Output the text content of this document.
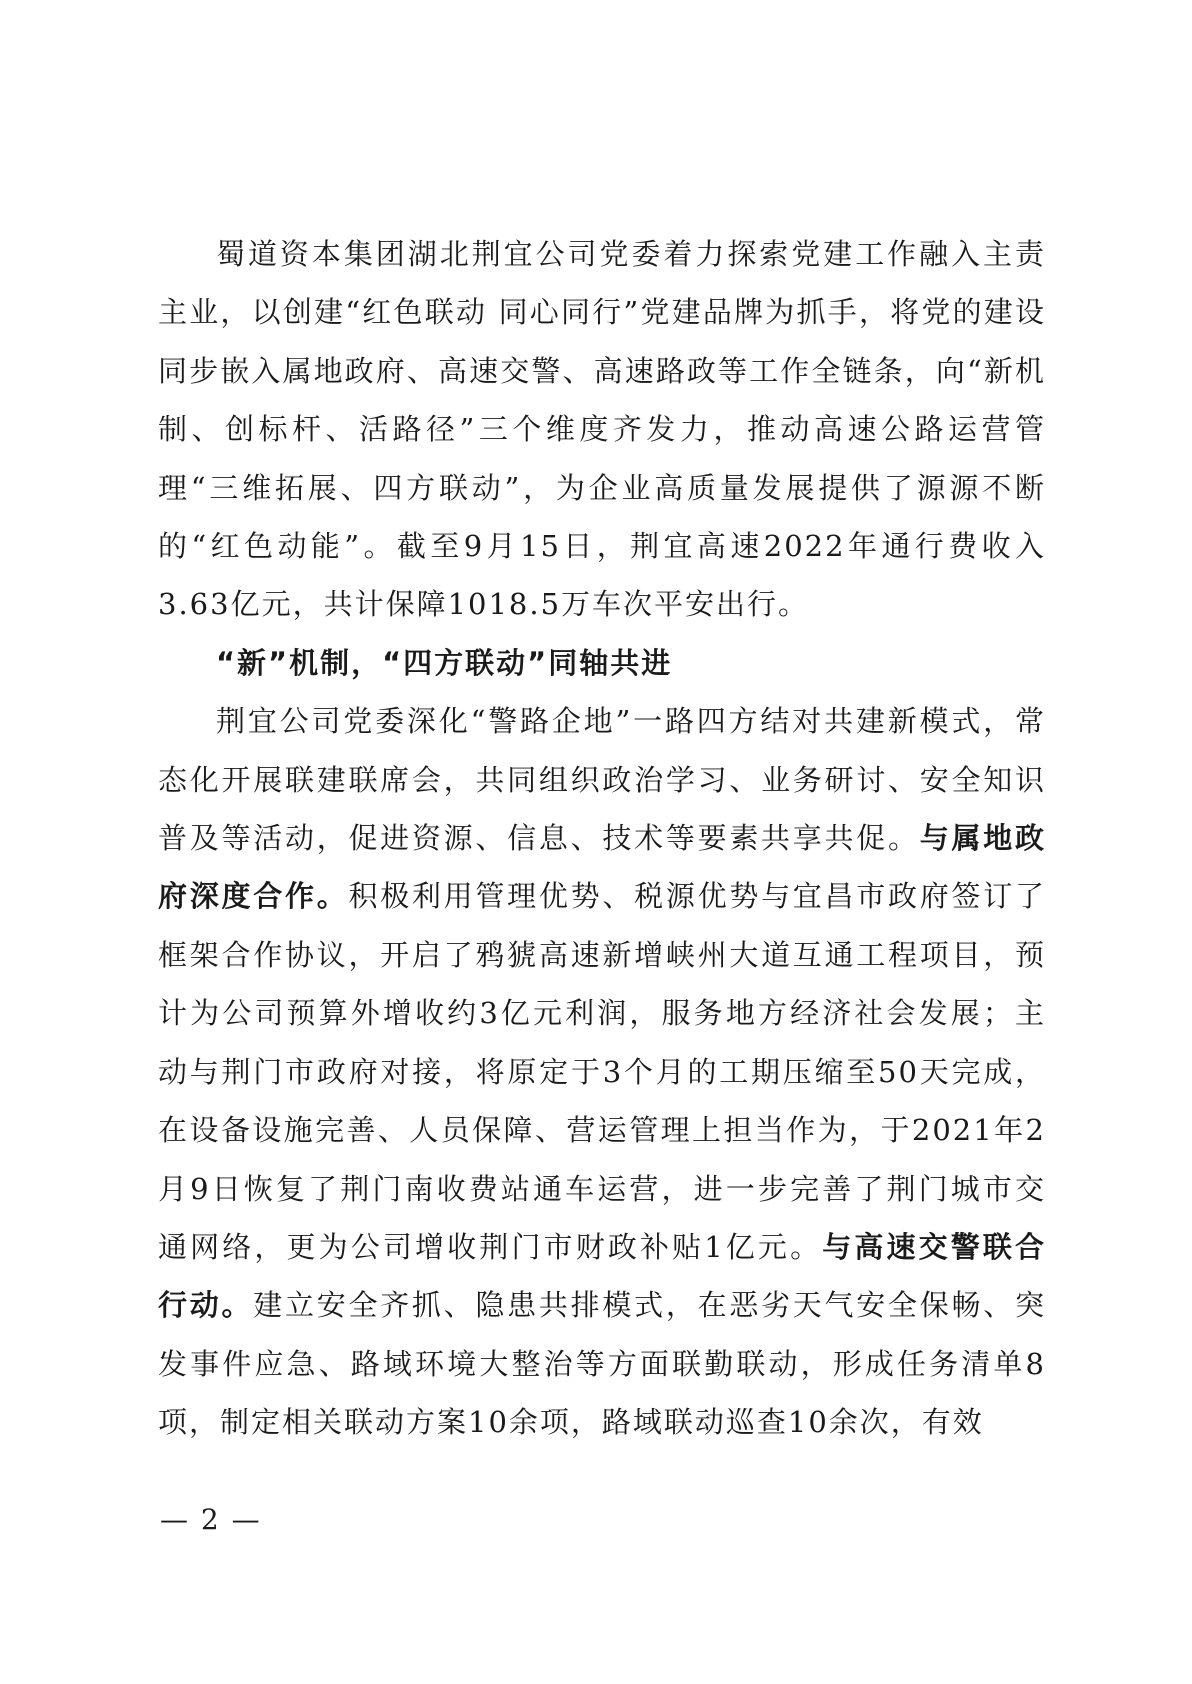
蜀道资本集团湖北荆宜公司党委着力探索党建工作融入主责主业，以创建“红色联动 同心同行”党建品牌为抓手，将党的建设同步嵌入属地政府、高速交警、高速路政等工作全链条，向“新机制、创标杆、活路径”三个维度齐发力，推动高速公路运营管理“三维拓展、四方联动”，为企业高质量发展提供了源源不断的“红色动能”。截至9月15日，荆宜高速2022年通行费收入3.63亿元，共计保障1018.5万车次平安出行。

“新”机制，“四方联动”同轴共进

荆宜公司党委深化“警路企地”一路四方结对共建新模式，常态化开展联建联席会，共同组织政治学习、业务研讨、安全知识普及等活动，促进资源、信息、技术等要素共享共促。与属地政府深度合作。积极利用管理优势、税源优势与宜昌市政府签订了框架合作协议，开启了鸦猇高速新增峡州大道互通工程项目，预计为公司预算外增收约3亿元利润，服务地方经济社会发展；主动与荆门市政府对接，将原定于3个月的工期压缩至50天完成，在设备设施完善、人员保障、营运管理上担当作为，于2021年2月9日恢复了荆门南收费站通车运营，进一步完善了荆门城市交通网络，更为公司增收荆门市财政补贴1亿元。与高速交警联合行动。建立安全齐抓、隐患共排模式，在恶劣天气安全保畅、突发事件应急、路域环境大整治等方面联勤联动，形成任务清单8项，制定相关联动方案10余项，路域联动巡查10余次，有效

— 2 —
